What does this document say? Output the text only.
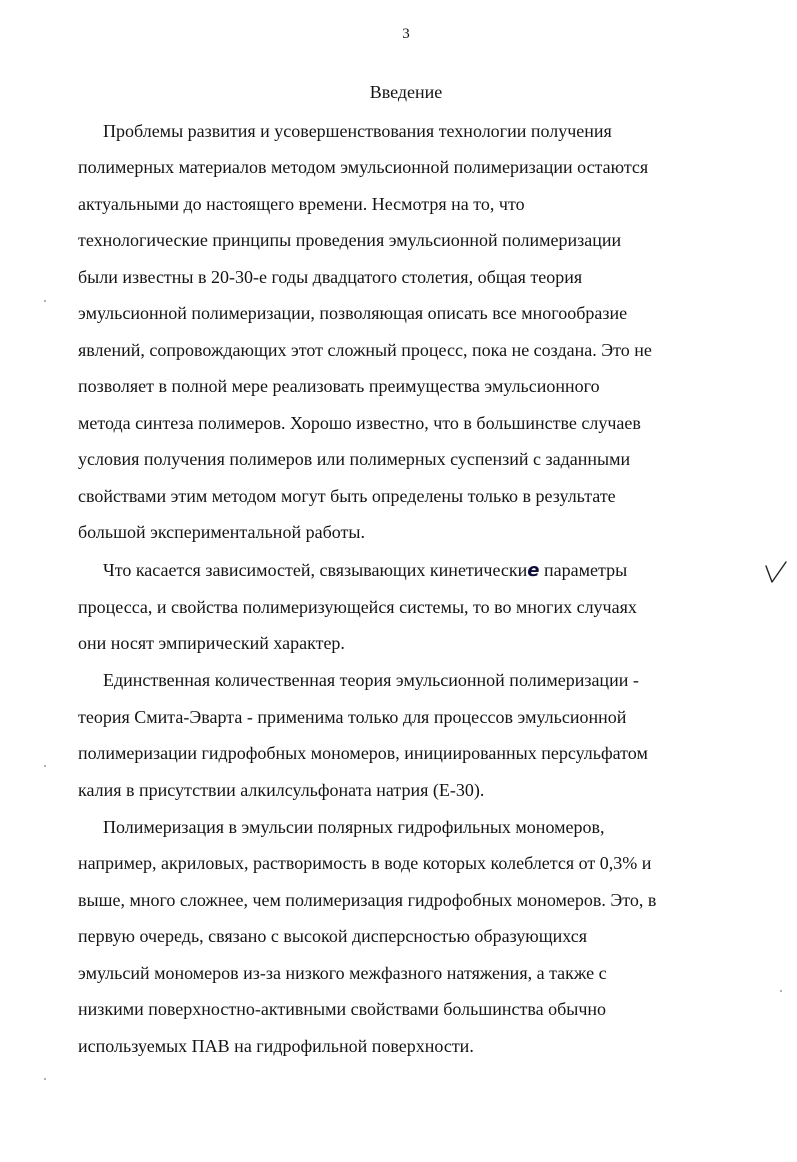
3
Введение
Проблемы развития и усовершенствования технологии получения
полимерных материалов методом эмульсионной полимеризации остаются
актуальными до настоящего времени. Несмотря на то, что
технологические принципы проведения эмульсионной полимеризации
были известны в 20-30-е годы двадцатого столетия, общая теория
эмульсионной полимеризации, позволяющая описать все многообразие
явлений, сопровождающих этот сложный процесс, пока не создана. Это не
позволяет в полной мере реализовать преимущества эмульсионного
метода синтеза полимеров. Хорошо известно, что в большинстве случаев
условия получения полимеров или полимерных суспензий с заданными
свойствами этим методом могут быть определены только в результате
большой экспериментальной работы.
Что касается зависимостей, связывающих кинетическиe параметры
процесса, и свойства полимеризующейся системы, то во многих случаях
они носят эмпирический характер.
Единственная количественная теория эмульсионной полимеризации -
теория Смита-Эварта - применима только для процессов эмульсионной
полимеризации гидрофобных мономеров, инициированных персульфатом
калия в присутствии алкилсульфоната натрия (Е-30).
Полимеризация в эмульсии полярных гидрофильных мономеров,
например, акриловых, растворимость в воде которых колеблется от 0,3% и
выше, много сложнее, чем полимеризация гидрофобных мономеров. Это, в
первую очередь, связано с высокой дисперсностью образующихся
эмульсий мономеров из-за низкого межфазного натяжения, а также с
низкими поверхностно-активными свойствами большинства обычно
используемых ПАВ на гидрофильной поверхности.
